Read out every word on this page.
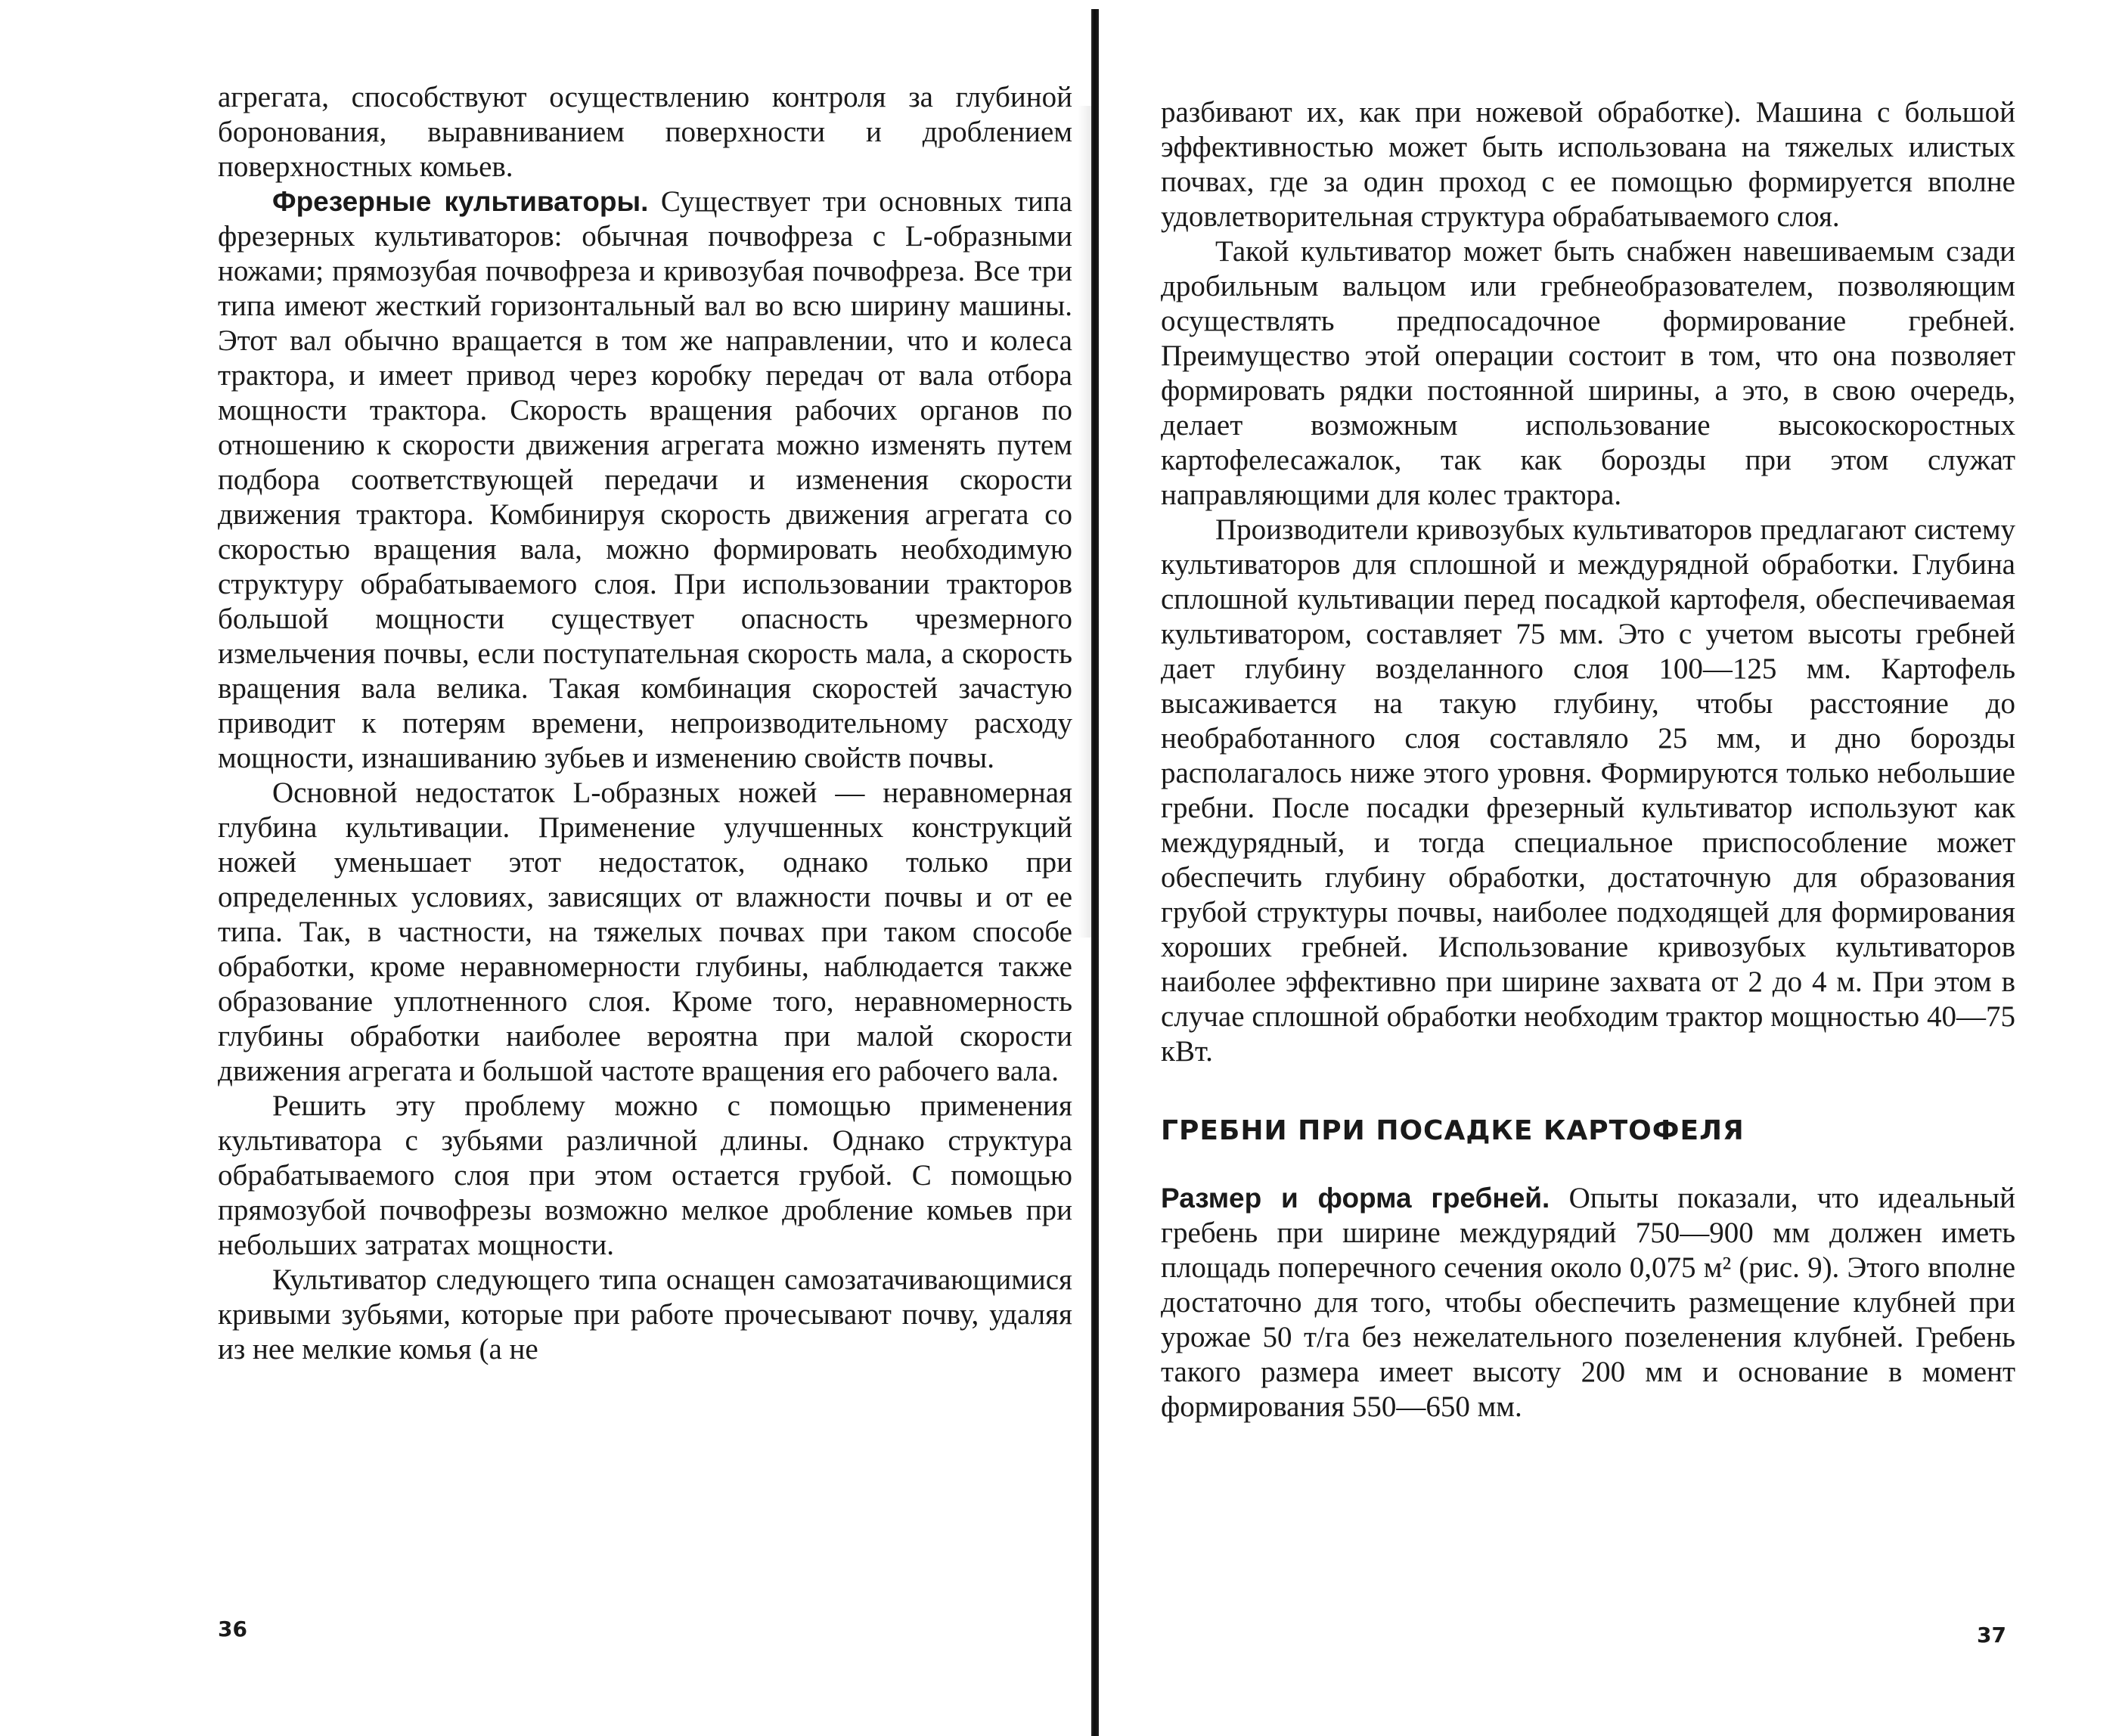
агрегата, способствуют осуществлению контроля за глубиной боронования, выравниванием поверхности и дроблением поверхностных комьев.

Фрезерные культиваторы. Существует три основных типа фрезерных культиваторов: обычная почвофреза с L-образными ножами; прямозубая почвофреза и кривозубая почвофреза. Все три типа имеют жесткий горизонтальный вал во всю ширину машины. Этот вал обычно вращается в том же направлении, что и колеса трактора, и имеет привод через коробку передач от вала отбора мощности трактора. Скорость вращения рабочих органов по отношению к скорости движения агрегата можно изменять путем подбора соответствующей передачи и изменения скорости движения трактора. Комбинируя скорость движения агрегата со скоростью вращения вала, можно формировать необходимую структуру обрабатываемого слоя. При использовании тракторов большой мощности существует опасность чрезмерного измельчения почвы, если поступательная скорость мала, а скорость вращения вала велика. Такая комбинация скоростей зачастую приводит к потерям времени, непроизводительному расходу мощности, изнашиванию зубьев и изменению свойств почвы.

Основной недостаток L-образных ножей — неравномерная глубина культивации. Применение улучшенных конструкций ножей уменьшает этот недостаток, однако только при определенных условиях, зависящих от влажности почвы и от ее типа. Так, в частности, на тяжелых почвах при таком способе обработки, кроме неравномерности глубины, наблюдается также образование уплотненного слоя. Кроме того, неравномерность глубины обработки наиболее вероятна при малой скорости движения агрегата и большой частоте вращения его рабочего вала.

Решить эту проблему можно с помощью применения культиватора с зубьями различной длины. Однако структура обрабатываемого слоя при этом остается грубой. С помощью прямозубой почвофрезы возможно мелкое дробление комьев при небольших затратах мощности.

Культиватор следующего типа оснащен самозатачивающимися кривыми зубьями, которые при работе прочесывают почву, удаляя из нее мелкие комья (а не

36

разбивают их, как при ножевой обработке). Машина с большой эффективностью может быть использована на тяжелых илистых почвах, где за один проход с ее помощью формируется вполне удовлетворительная структура обрабатываемого слоя.

Такой культиватор может быть снабжен навешиваемым сзади дробильным вальцом или гребнеобразователем, позволяющим осуществлять предпосадочное формирование гребней. Преимущество этой операции состоит в том, что она позволяет формировать рядки постоянной ширины, а это, в свою очередь, делает возможным использование высокоскоростных картофелесажалок, так как борозды при этом служат направляющими для колес трактора.

Производители кривозубых культиваторов предлагают систему культиваторов для сплошной и междурядной обработки. Глубина сплошной культивации перед посадкой картофеля, обеспечиваемая культиватором, составляет 75 мм. Это с учетом высоты гребней дает глубину возделанного слоя 100—125 мм. Картофель высаживается на такую глубину, чтобы расстояние до необработанного слоя составляло 25 мм, и дно борозды располагалось ниже этого уровня. Формируются только небольшие гребни. После посадки фрезерный культиватор используют как междурядный, и тогда специальное приспособление может обеспечить глубину обработки, достаточную для образования грубой структуры почвы, наиболее подходящей для формирования хороших гребней. Использование кривозубых культиваторов наиболее эффективно при ширине захвата от 2 до 4 м. При этом в случае сплошной обработки необходим трактор мощностью 40—75 кВт.

ГРЕБНИ ПРИ ПОСАДКЕ КАРТОФЕЛЯ

Размер и форма гребней. Опыты показали, что идеальный гребень при ширине междурядий 750—900 мм должен иметь площадь поперечного сечения около 0,075 м² (рис. 9). Этого вполне достаточно для того, чтобы обеспечить размещение клубней при урожае 50 т/га без нежелательного позеленения клубней. Гребень такого размера имеет высоту 200 мм и основание в момент формирования 550—650 мм.

37
